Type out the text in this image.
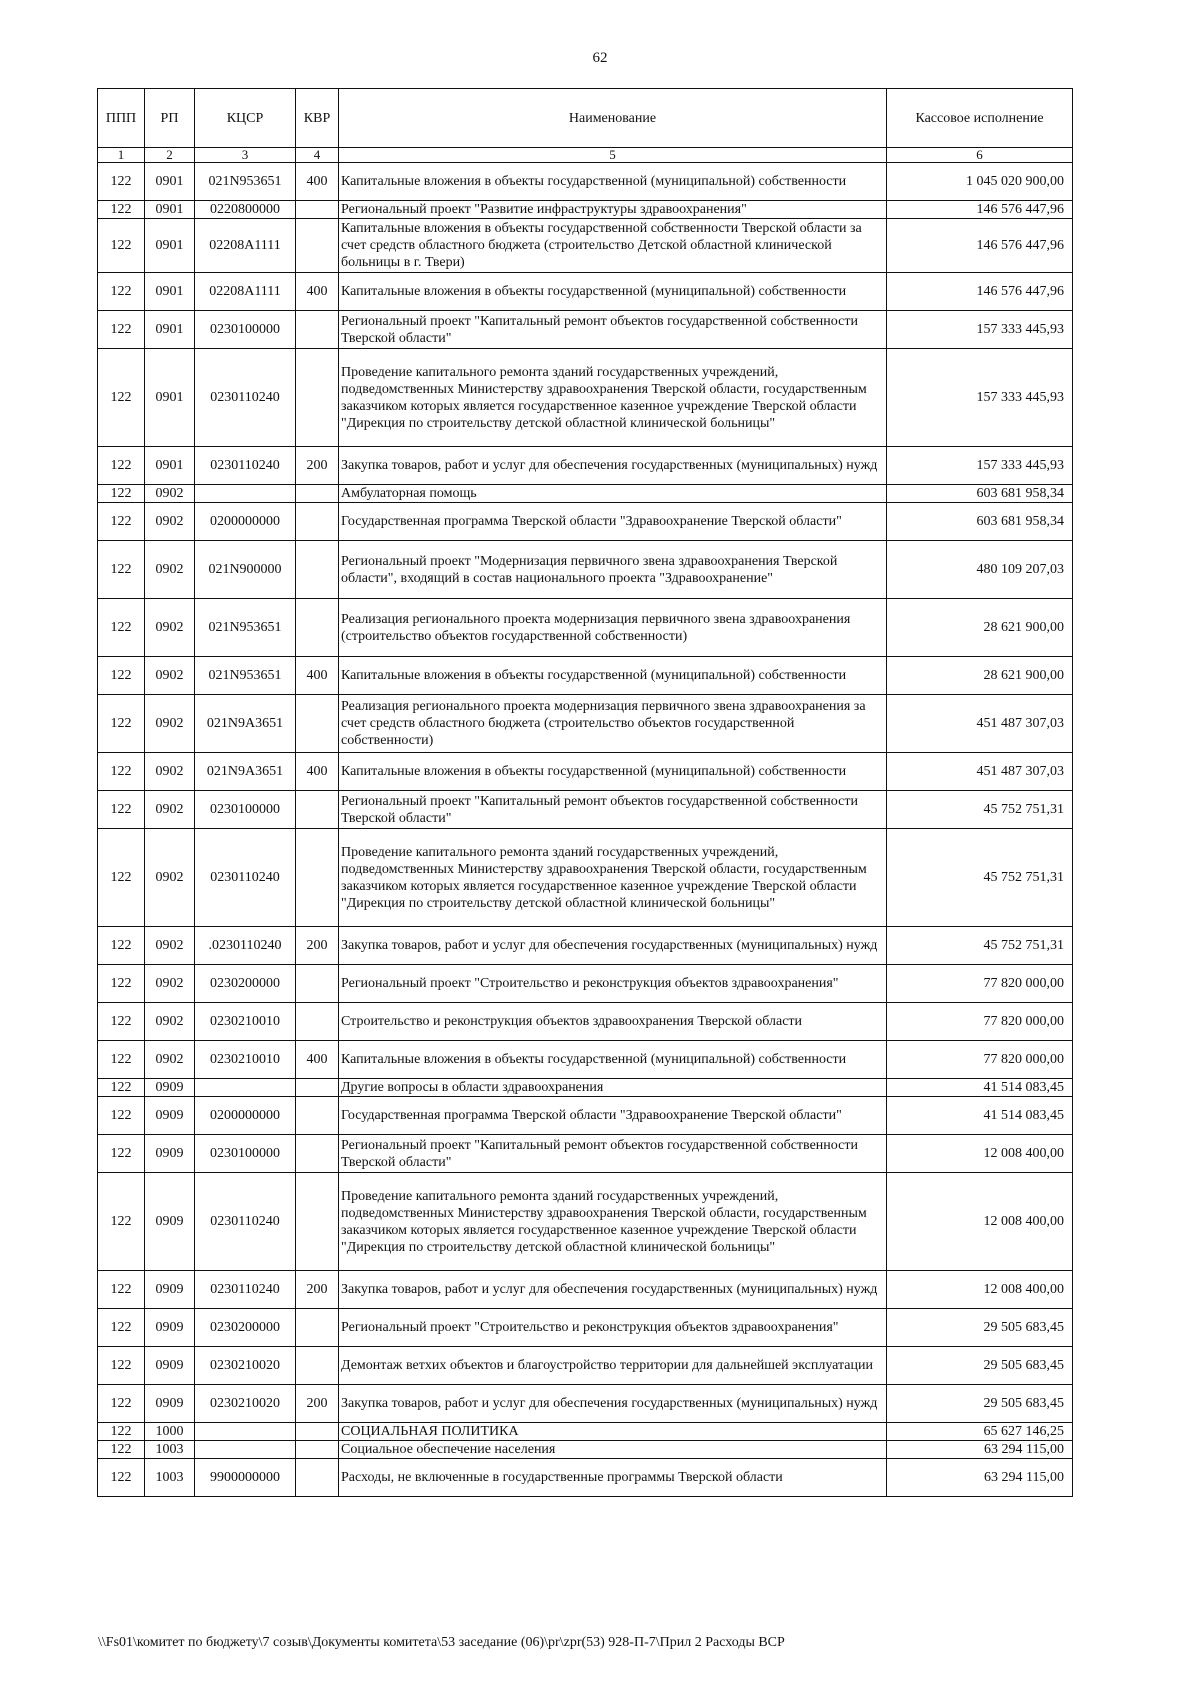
62
ППП	РП	КЦСР	КВР	Наименование	Кассовое исполнение
1	2	3	4	5	6
122	0901	021N953651	400	Капитальные вложения в объекты государственной (муниципальной) собственности	1 045 020 900,00
122	0901	0220800000		Региональный проект "Развитие инфраструктуры здравоохранения"	146 576 447,96
122	0901	02208A1111		Капитальные вложения в объекты государственной собственности Тверской области за счет средств областного бюджета (строительство Детской областной клинической больницы в г. Твери)	146 576 447,96
122	0901	02208A1111	400	Капитальные вложения в объекты государственной (муниципальной) собственности	146 576 447,96
122	0901	0230100000		Региональный проект "Капитальный ремонт объектов государственной собственности Тверской области"	157 333 445,93
122	0901	0230110240		Проведение капитального ремонта зданий государственных учреждений, подведомственных Министерству здравоохранения Тверской области, государственным заказчиком которых является государственное казенное учреждение Тверской области "Дирекция по строительству детской областной клинической больницы"	157 333 445,93
122	0901	0230110240	200	Закупка товаров, работ и услуг для обеспечения государственных (муниципальных) нужд	157 333 445,93
122	0902			Амбулаторная помощь	603 681 958,34
122	0902	0200000000		Государственная программа Тверской области "Здравоохранение Тверской области"	603 681 958,34
122	0902	021N900000		Региональный проект "Модернизация первичного звена здравоохранения Тверской области", входящий в состав национального проекта "Здравоохранение"	480 109 207,03
122	0902	021N953651		Реализация регионального проекта модернизация первичного звена здравоохранения (строительство объектов государственной собственности)	28 621 900,00
122	0902	021N953651	400	Капитальные вложения в объекты государственной (муниципальной) собственности	28 621 900,00
122	0902	021N9A3651		Реализация регионального проекта модернизация первичного звена здравоохранения за счет средств областного бюджета (строительство объектов государственной собственности)	451 487 307,03
122	0902	021N9A3651	400	Капитальные вложения в объекты государственной (муниципальной) собственности	451 487 307,03
122	0902	0230100000		Региональный проект "Капитальный ремонт объектов государственной собственности Тверской области"	45 752 751,31
122	0902	0230110240		Проведение капитального ремонта зданий государственных учреждений, подведомственных Министерству здравоохранения Тверской области, государственным заказчиком которых является государственное казенное учреждение Тверской области "Дирекция по строительству детской областной клинической больницы"	45 752 751,31
122	0902	.0230110240	200	Закупка товаров, работ и услуг для обеспечения государственных (муниципальных) нужд	45 752 751,31
122	0902	0230200000		Региональный проект "Строительство и реконструкция объектов здравоохранения"	77 820 000,00
122	0902	0230210010		Строительство и реконструкция объектов здравоохранения Тверской области	77 820 000,00
122	0902	0230210010	400	Капитальные вложения в объекты государственной (муниципальной) собственности	77 820 000,00
122	0909			Другие вопросы в области здравоохранения	41 514 083,45
122	0909	0200000000		Государственная программа Тверской области "Здравоохранение Тверской области"	41 514 083,45
122	0909	0230100000		Региональный проект "Капитальный ремонт объектов государственной собственности Тверской области"	12 008 400,00
122	0909	0230110240		Проведение капитального ремонта зданий государственных учреждений, подведомственных Министерству здравоохранения Тверской области, государственным заказчиком которых является государственное казенное учреждение Тверской области "Дирекция по строительству детской областной клинической больницы"	12 008 400,00
122	0909	0230110240	200	Закупка товаров, работ и услуг для обеспечения государственных (муниципальных) нужд	12 008 400,00
122	0909	0230200000		Региональный проект "Строительство и реконструкция объектов здравоохранения"	29 505 683,45
122	0909	0230210020		Демонтаж ветхих объектов и благоустройство территории для дальнейшей эксплуатации	29 505 683,45
122	0909	0230210020	200	Закупка товаров, работ и услуг для обеспечения государственных (муниципальных) нужд	29 505 683,45
122	1000			СОЦИАЛЬНАЯ ПОЛИТИКА	65 627 146,25
122	1003			Социальное обеспечение населения	63 294 115,00
122	1003	9900000000		Расходы, не включенные в государственные программы Тверской области	63 294 115,00
\\Fs01\комитет по бюджету\7 созыв\Документы комитета\53 заседание (06)\pr\zpr(53) 928-П-7\Прил 2 Расходы ВСР
